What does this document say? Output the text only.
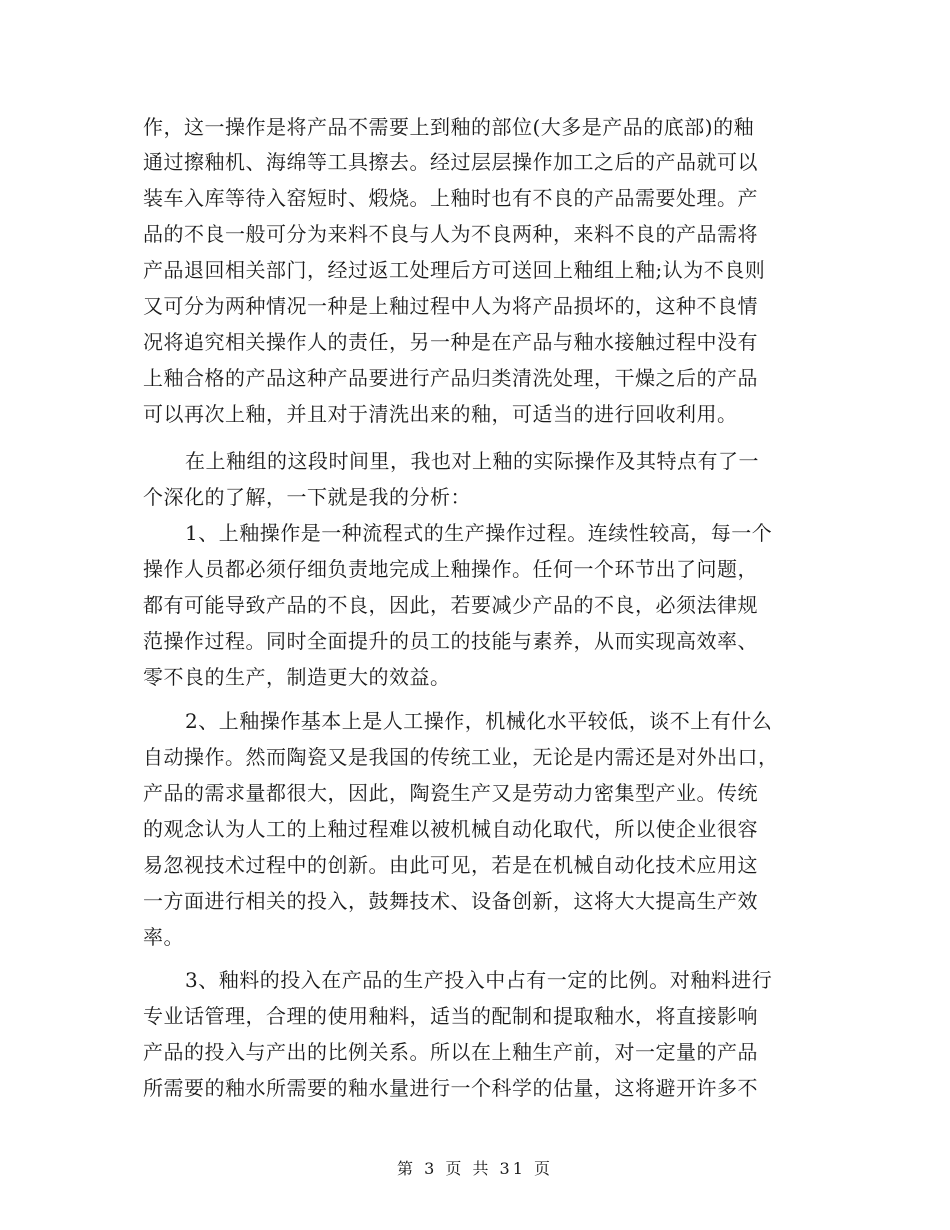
作，这一操作是将产品不需要上到釉的部位(大多是产品的底部)的釉
通过擦釉机、海绵等工具擦去。经过层层操作加工之后的产品就可以
装车入库等待入窑短时、煅烧。上釉时也有不良的产品需要处理。产
品的不良一般可分为来料不良与人为不良两种，来料不良的产品需将
产品退回相关部门，经过返工处理后方可送回上釉组上釉;认为不良则
又可分为两种情况一种是上釉过程中人为将产品损坏的，这种不良情
况将追究相关操作人的责任，另一种是在产品与釉水接触过程中没有
上釉合格的产品这种产品要进行产品归类清洗处理，干燥之后的产品
可以再次上釉，并且对于清洗出来的釉，可适当的进行回收利用。
在上釉组的这段时间里，我也对上釉的实际操作及其特点有了一
个深化的了解，一下就是我的分析：
1、上釉操作是一种流程式的生产操作过程。连续性较高，每一个
操作人员都必须仔细负责地完成上釉操作。任何一个环节出了问题，
都有可能导致产品的不良，因此，若要减少产品的不良，必须法律规
范操作过程。同时全面提升的员工的技能与素养，从而实现高效率、
零不良的生产，制造更大的效益。
2、上釉操作基本上是人工操作，机械化水平较低，谈不上有什么
自动操作。然而陶瓷又是我国的传统工业，无论是内需还是对外出口，
产品的需求量都很大，因此，陶瓷生产又是劳动力密集型产业。传统
的观念认为人工的上釉过程难以被机械自动化取代，所以使企业很容
易忽视技术过程中的创新。由此可见，若是在机械自动化技术应用这
一方面进行相关的投入，鼓舞技术、设备创新，这将大大提高生产效
率。
3、釉料的投入在产品的生产投入中占有一定的比例。对釉料进行
专业话管理，合理的使用釉料，适当的配制和提取釉水，将直接影响
产品的投入与产出的比例关系。所以在上釉生产前，对一定量的产品
所需要的釉水所需要的釉水量进行一个科学的估量，这将避开许多不
第 3 页 共 31 页
